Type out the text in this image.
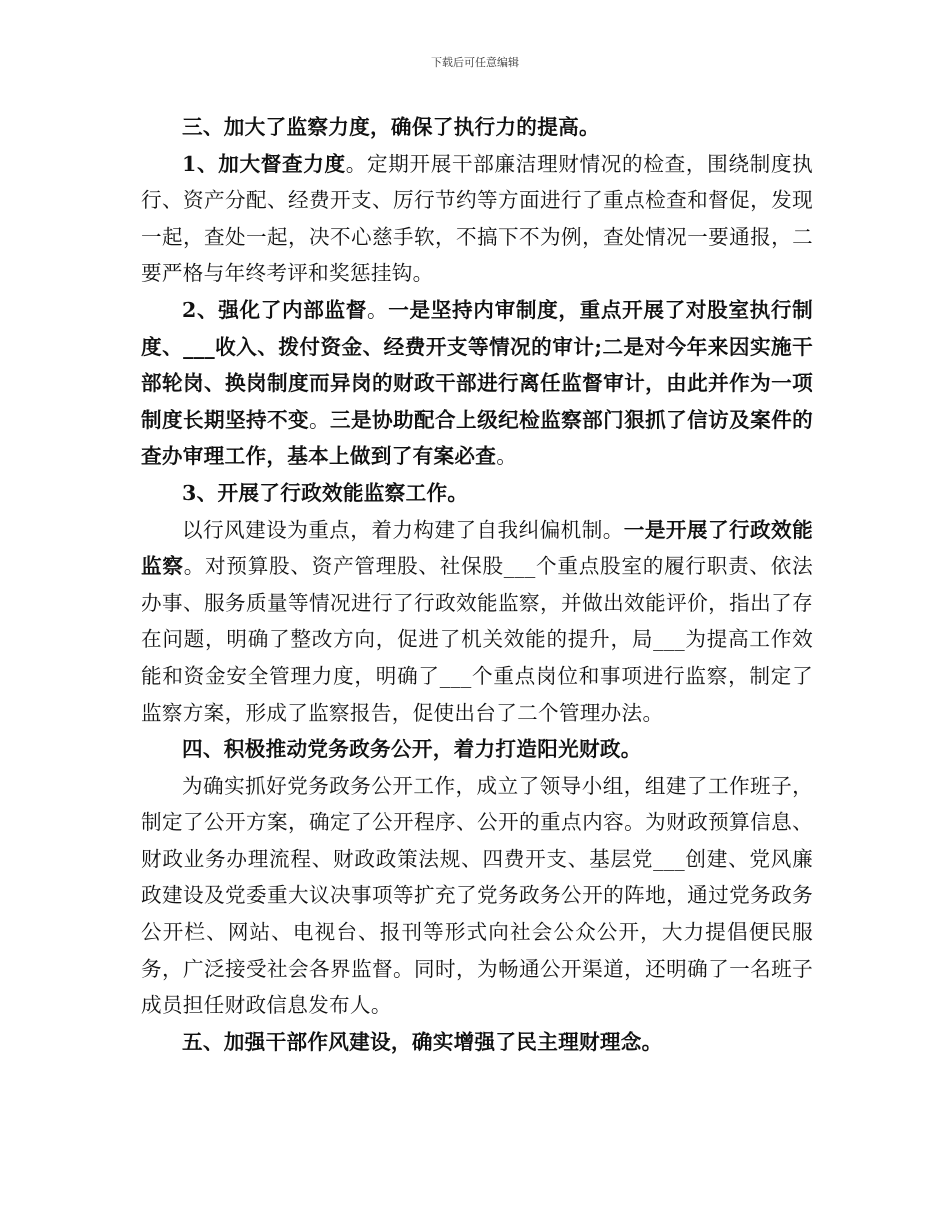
下载后可任意编辑

三、加大了监察力度，确保了执行力的提高。

1、加大督查力度。定期开展干部廉洁理财情况的检查，围绕制度执行、资产分配、经费开支、厉行节约等方面进行了重点检查和督促，发现一起，查处一起，决不心慈手软，不搞下不为例，查处情况一要通报，二要严格与年终考评和奖惩挂钩。

2、强化了内部监督。一是坚持内审制度，重点开展了对股室执行制度、___收入、拨付资金、经费开支等情况的审计;二是对今年来因实施干部轮岗、换岗制度而异岗的财政干部进行离任监督审计，由此并作为一项制度长期坚持不变。三是协助配合上级纪检监察部门狠抓了信访及案件的查办审理工作，基本上做到了有案必查。

3、开展了行政效能监察工作。

以行风建设为重点，着力构建了自我纠偏机制。一是开展了行政效能监察。对预算股、资产管理股、社保股___个重点股室的履行职责、依法办事、服务质量等情况进行了行政效能监察，并做出效能评价，指出了存在问题，明确了整改方向，促进了机关效能的提升，局___为提高工作效能和资金安全管理力度，明确了___个重点岗位和事项进行监察，制定了监察方案，形成了监察报告，促使出台了二个管理办法。

四、积极推动党务政务公开，着力打造阳光财政。

为确实抓好党务政务公开工作，成立了领导小组，组建了工作班子，制定了公开方案，确定了公开程序、公开的重点内容。为财政预算信息、财政业务办理流程、财政政策法规、四费开支、基层党___创建、党风廉政建设及党委重大议决事项等扩充了党务政务公开的阵地，通过党务政务公开栏、网站、电视台、报刊等形式向社会公众公开，大力提倡便民服务，广泛接受社会各界监督。同时，为畅通公开渠道，还明确了一名班子成员担任财政信息发布人。

五、加强干部作风建设，确实增强了民主理财理念。
